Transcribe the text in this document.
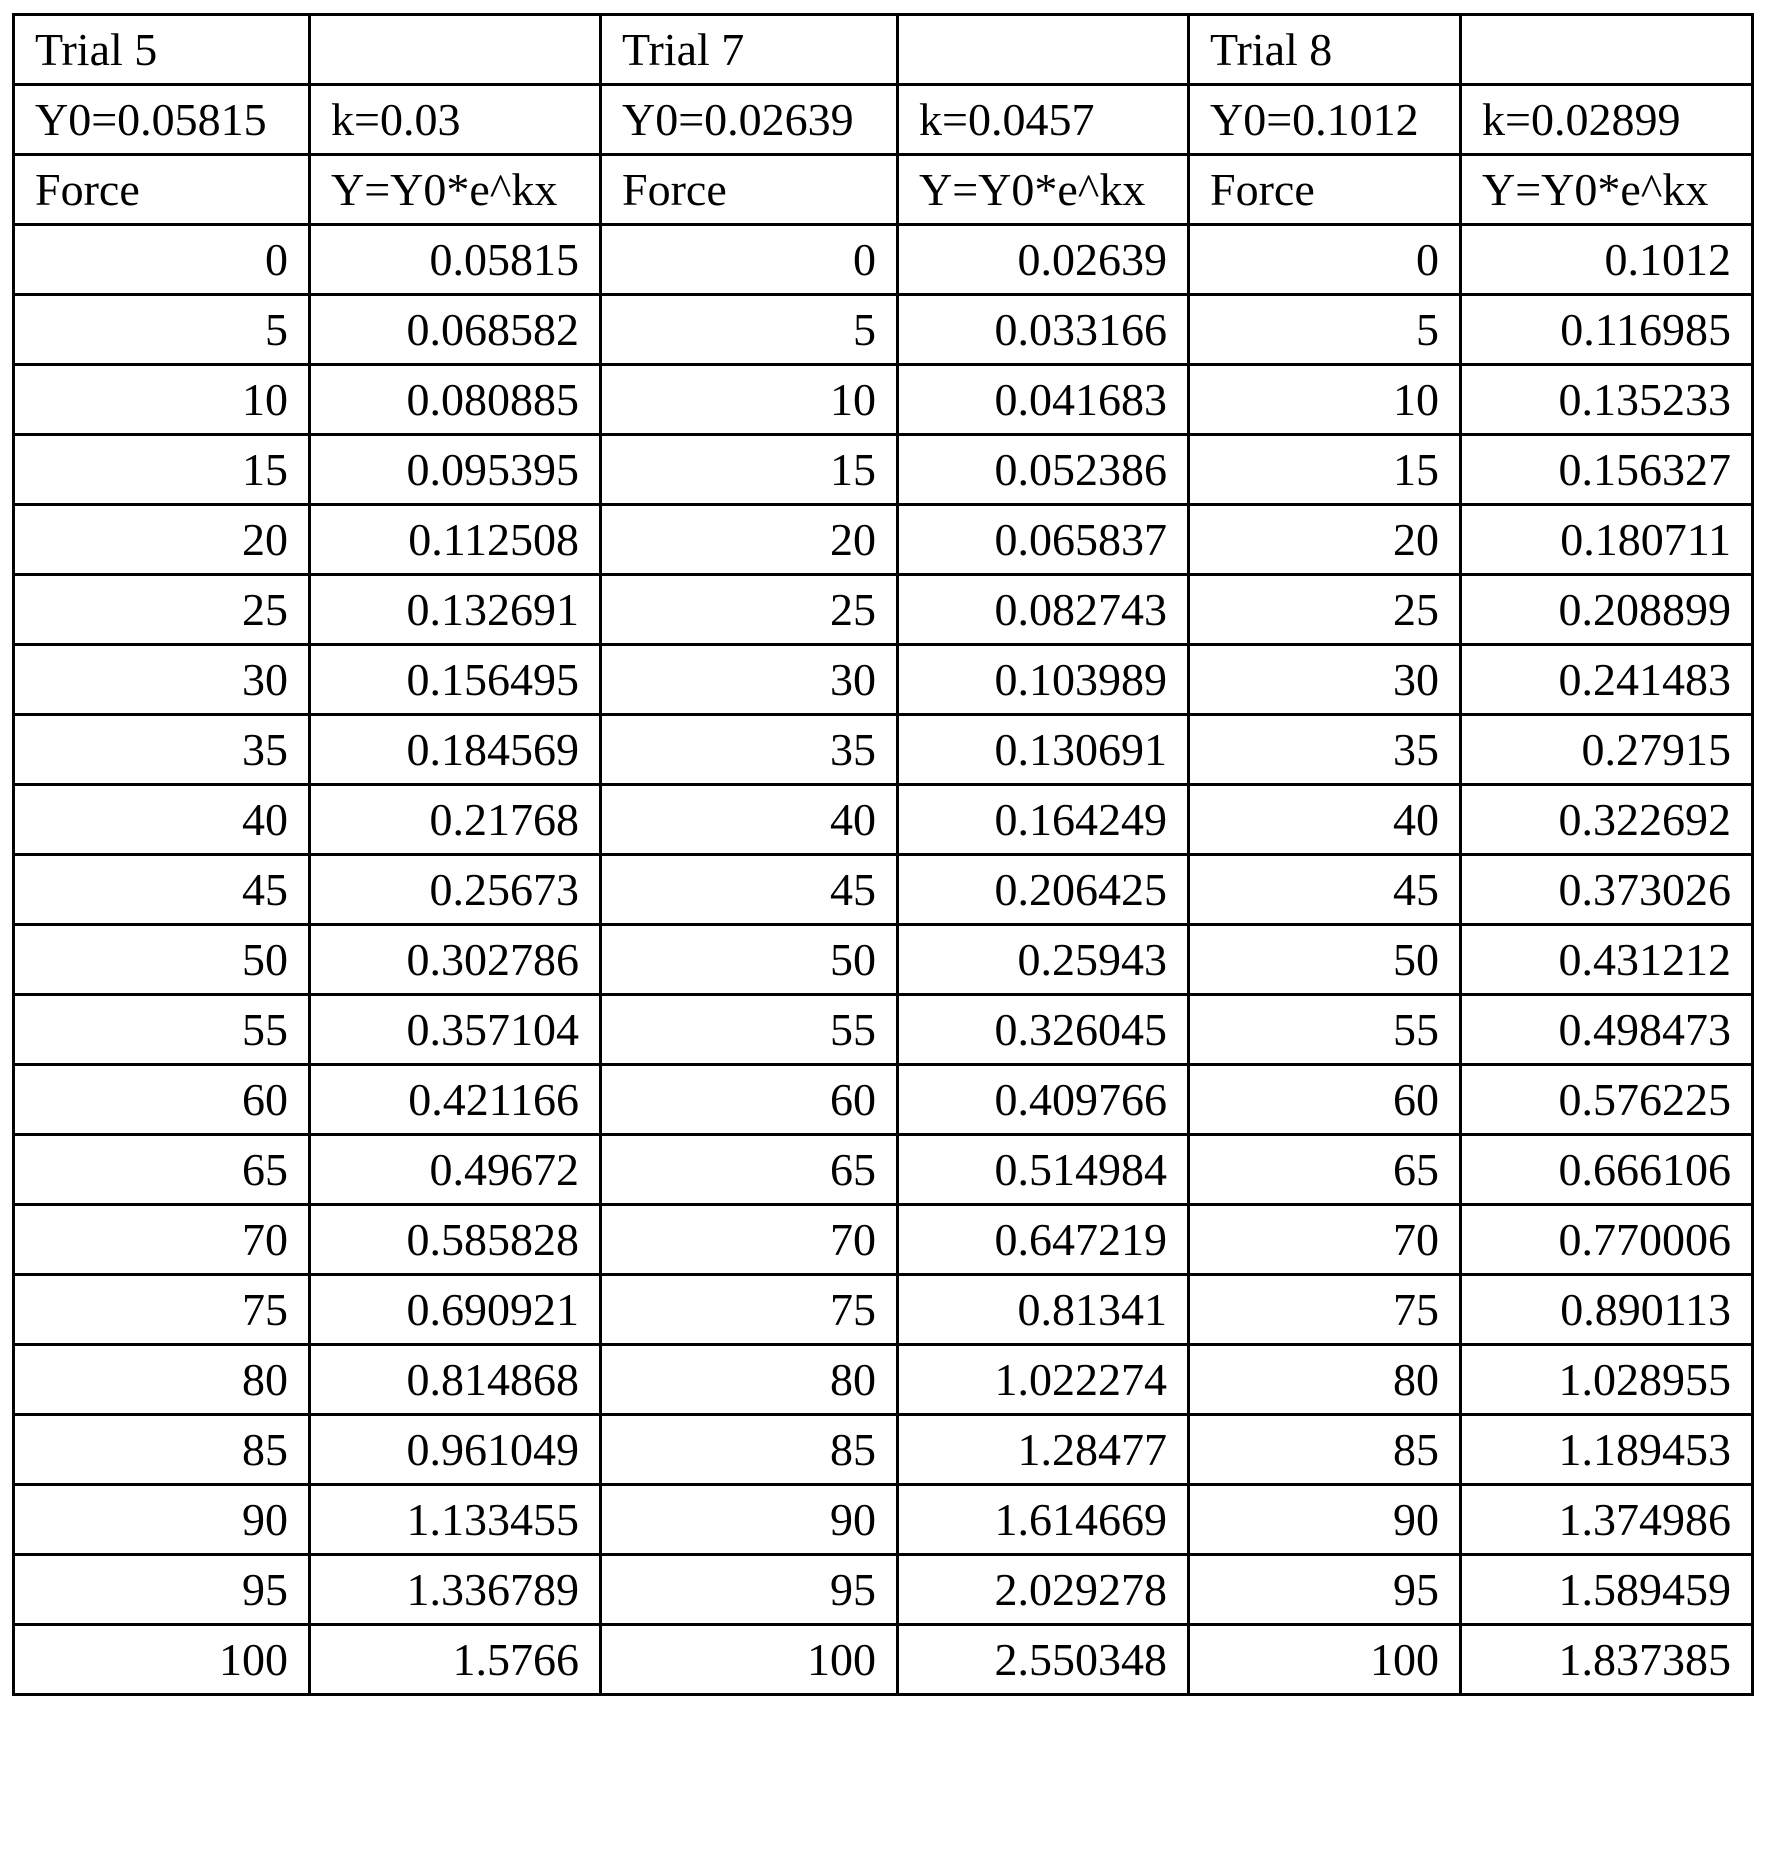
Trial 5		Trial 7		Trial 8	
Y0=0.05815	k=0.03	Y0=0.02639	k=0.0457	Y0=0.1012	k=0.02899
Force	Y=Y0*e^kx	Force	Y=Y0*e^kx	Force	Y=Y0*e^kx
0	0.05815	0	0.02639	0	0.1012
5	0.068582	5	0.033166	5	0.116985
10	0.080885	10	0.041683	10	0.135233
15	0.095395	15	0.052386	15	0.156327
20	0.112508	20	0.065837	20	0.180711
25	0.132691	25	0.082743	25	0.208899
30	0.156495	30	0.103989	30	0.241483
35	0.184569	35	0.130691	35	0.27915
40	0.21768	40	0.164249	40	0.322692
45	0.25673	45	0.206425	45	0.373026
50	0.302786	50	0.25943	50	0.431212
55	0.357104	55	0.326045	55	0.498473
60	0.421166	60	0.409766	60	0.576225
65	0.49672	65	0.514984	65	0.666106
70	0.585828	70	0.647219	70	0.770006
75	0.690921	75	0.81341	75	0.890113
80	0.814868	80	1.022274	80	1.028955
85	0.961049	85	1.28477	85	1.189453
90	1.133455	90	1.614669	90	1.374986
95	1.336789	95	2.029278	95	1.589459
100	1.5766	100	2.550348	100	1.837385
